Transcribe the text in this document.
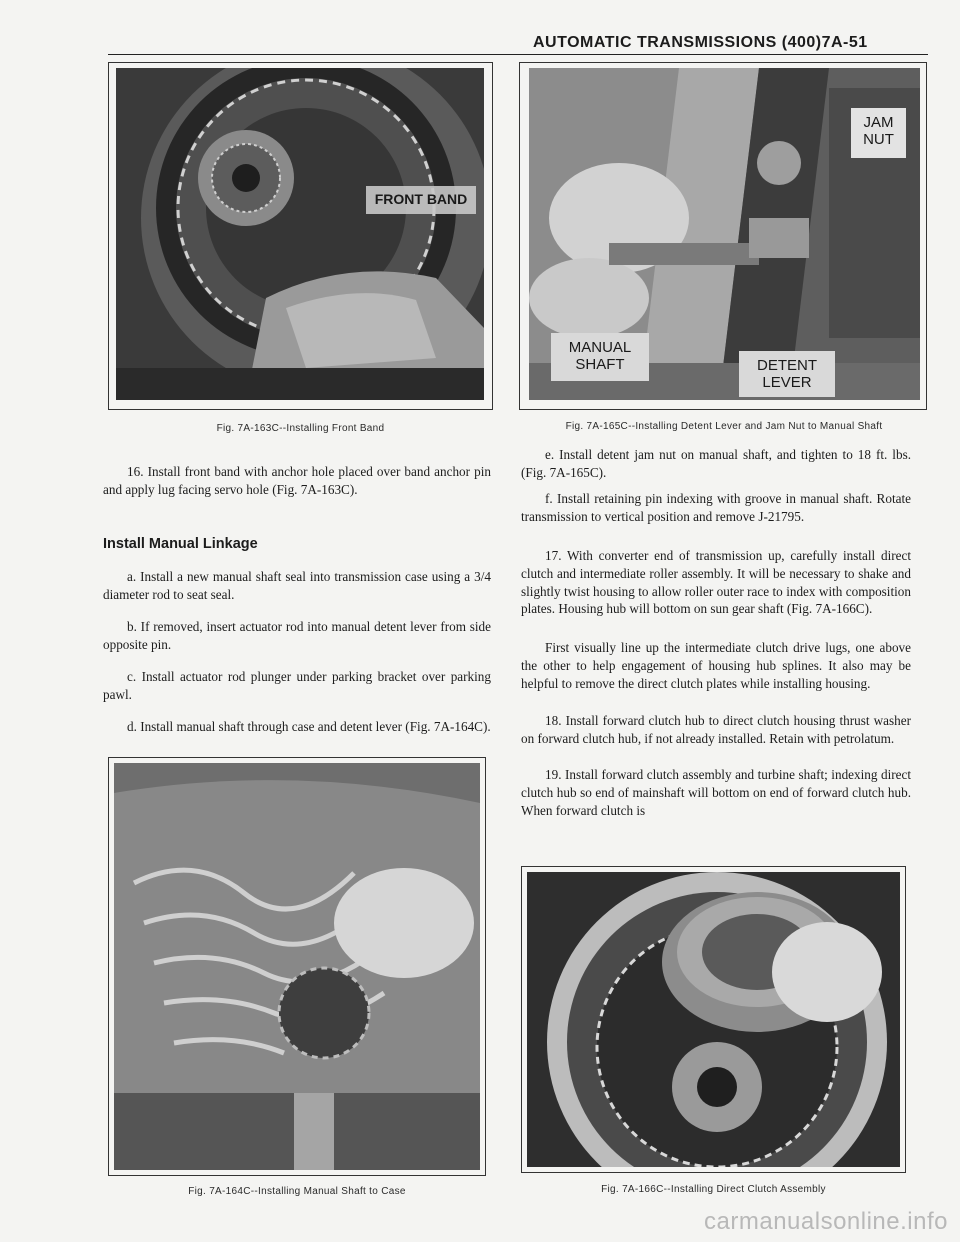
AUTOMATIC TRANSMISSIONS (400)7A-51
FRONT BAND
Fig. 7A-163C--Installing Front Band
JAM NUT
MANUAL SHAFT	DETENT LEVER
Fig. 7A-165C--Installing Detent Lever and Jam Nut to Manual Shaft
16. Install front band with anchor hole placed over band anchor pin and apply lug facing servo hole (Fig. 7A-163C).
Install Manual Linkage
a. Install a new manual shaft seal into transmission case using a 3/4 diameter rod to seat seal.
b. If removed, insert actuator rod into manual detent lever from side opposite pin.
c. Install actuator rod plunger under parking bracket over parking pawl.
d. Install manual shaft through case and detent lever (Fig. 7A-164C).
Fig. 7A-164C--Installing Manual Shaft to Case
e. Install detent jam nut on manual shaft, and tighten to 18 ft. lbs. (Fig. 7A-165C).
f. Install retaining pin indexing with groove in manual shaft. Rotate transmission to vertical position and remove J-21795.
17. With converter end of transmission up, carefully install direct clutch and intermediate roller assembly. It will be necessary to shake and slightly twist housing to allow roller outer race to index with composition plates. Housing hub will bottom on sun gear shaft (Fig. 7A-166C).
First visually line up the intermediate clutch drive lugs, one above the other to help engagement of housing hub splines. It also may be helpful to remove the direct clutch plates while installing housing.
18. Install forward clutch hub to direct clutch housing thrust washer on forward clutch hub, if not already installed. Retain with petrolatum.
19. Install forward clutch assembly and turbine shaft; indexing direct clutch hub so end of mainshaft will bottom on end of forward clutch hub. When forward clutch is
Fig. 7A-166C--Installing Direct Clutch Assembly
carmanualsonline.info
